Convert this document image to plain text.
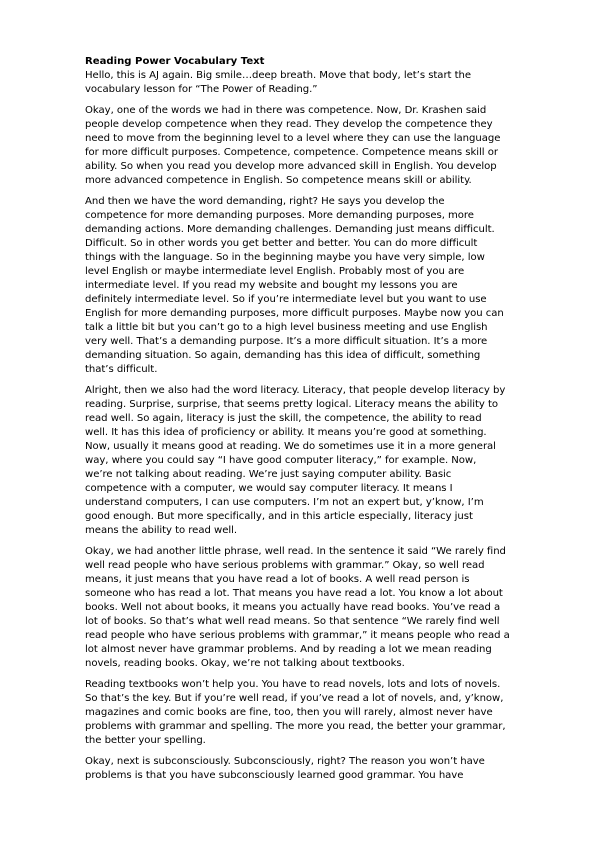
Reading Power Vocabulary Text

Hello, this is AJ again. Big smile…deep breath. Move that body, let’s start the
vocabulary lesson for “The Power of Reading.”

Okay, one of the words we had in there was competence. Now, Dr. Krashen said
people develop competence when they read. They develop the competence they
need to move from the beginning level to a level where they can use the language
for more difficult purposes. Competence, competence. Competence means skill or
ability. So when you read you develop more advanced skill in English. You develop
more advanced competence in English. So competence means skill or ability.

And then we have the word demanding, right? He says you develop the
competence for more demanding purposes. More demanding purposes, more
demanding actions. More demanding challenges. Demanding just means difficult.
Difficult. So in other words you get better and better. You can do more difficult
things with the language. So in the beginning maybe you have very simple, low
level English or maybe intermediate level English. Probably most of you are
intermediate level. If you read my website and bought my lessons you are
definitely intermediate level. So if you’re intermediate level but you want to use
English for more demanding purposes, more difficult purposes. Maybe now you can
talk a little bit but you can’t go to a high level business meeting and use English
very well. That’s a demanding purpose. It’s a more difficult situation. It’s a more
demanding situation. So again, demanding has this idea of difficult, something
that’s difficult.

Alright, then we also had the word literacy. Literacy, that people develop literacy by
reading. Surprise, surprise, that seems pretty logical. Literacy means the ability to
read well. So again, literacy is just the skill, the competence, the ability to read
well. It has this idea of proficiency or ability. It means you’re good at something.
Now, usually it means good at reading. We do sometimes use it in a more general
way, where you could say “I have good computer literacy,” for example. Now,
we’re not talking about reading. We’re just saying computer ability. Basic
competence with a computer, we would say computer literacy. It means I
understand computers, I can use computers. I’m not an expert but, y’know, I’m
good enough. But more specifically, and in this article especially, literacy just
means the ability to read well.

Okay, we had another little phrase, well read. In the sentence it said “We rarely find
well read people who have serious problems with grammar.” Okay, so well read
means, it just means that you have read a lot of books. A well read person is
someone who has read a lot. That means you have read a lot. You know a lot about
books. Well not about books, it means you actually have read books. You’ve read a
lot of books. So that’s what well read means. So that sentence “We rarely find well
read people who have serious problems with grammar,” it means people who read a
lot almost never have grammar problems. And by reading a lot we mean reading
novels, reading books. Okay, we’re not talking about textbooks.

Reading textbooks won’t help you. You have to read novels, lots and lots of novels.
So that’s the key. But if you’re well read, if you’ve read a lot of novels, and, y’know,
magazines and comic books are fine, too, then you will rarely, almost never have
problems with grammar and spelling. The more you read, the better your grammar,
the better your spelling.

Okay, next is subconsciously. Subconsciously, right? The reason you won’t have
problems is that you have subconsciously learned good grammar. You have
